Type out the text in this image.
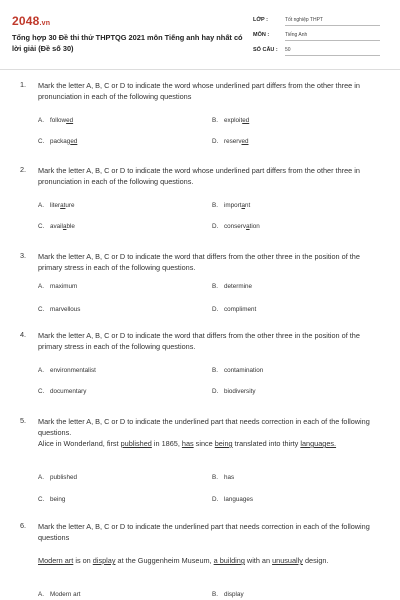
2048.vn
Tổng hợp 30 Đề thi thử THPTQG 2021 môn Tiếng anh hay nhất có lời giải (Đề số 30)
LỚP :	Tốt nghiệp THPT
MÔN :	Tiếng Anh
SỐ CÂU : 50
1. Mark the letter A, B, C or D to indicate the word whose underlined part differs from the other three in pronunciation in each of the following questions
A. followed	B. exploited
C. packaged	D. reserved
2. Mark the letter A, B, C or D to indicate the word whose underlined part differs from the other three in pronunciation in each of the following questions.
A. literature	B. important
C. available	D. conservation
3. Mark the letter A, B, C or D to indicate the word that differs from the other three in the position of the primary stress in each of the following questions.
A. maximum	B. determine
C. marvellous	D. compliment
4. Mark the letter A, B, C or D to indicate the word that differs from the other three in the position of the primary stress in each of the following questions.
A. environmentalist	B. contamination
C. documentary	D. biodiversity
5. Mark the letter A, B, C or D to indicate the underlined part that needs correction in each of the following questions.
Alice in Wonderland, first published in 1865, has since being translated into thirty languages.
A. published	B. has
C. being	D. languages
6. Mark the letter A, B, C or D to indicate the underlined part that needs correction in each of the following questions
Modern art is on display at the Guggenheim Museum, a building with an unusually design.
A. Modern art	B. display
